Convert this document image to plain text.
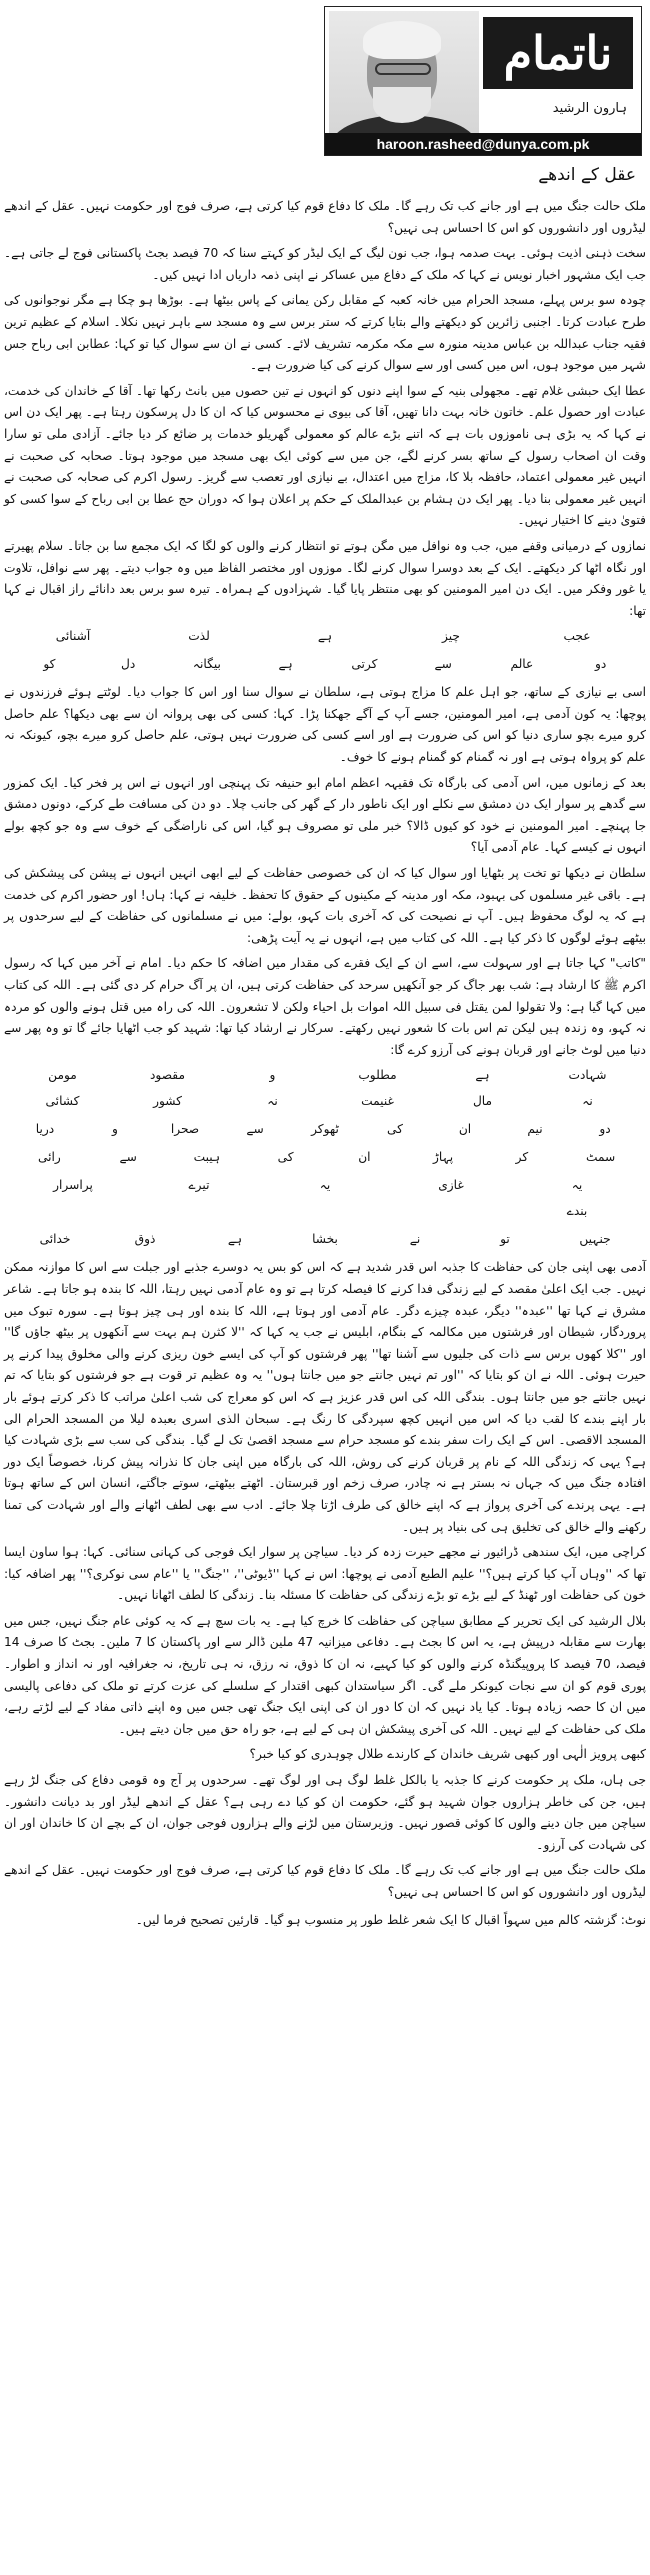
ناتمام
ہارون الرشید
haroon.rasheed@dunya.com.pk
عقل کے اندھے

ملک حالت جنگ میں ہے اور جانے کب تک رہے گا۔ ملک کا دفاع قوم کیا کرتی ہے، صرف فوج اور حکومت نہیں۔ عقل کے اندھے لیڈروں اور دانشوروں کو اس کا احساس ہی نہیں؟

سخت ذہنی اذیت ہوئی۔ بہت صدمہ ہوا، جب نون لیگ کے ایک لیڈر کو کہتے سنا کہ 70 فیصد بجٹ پاکستانی فوج لے جاتی ہے۔ جب ایک مشہور اخبار نویس نے کہا کہ ملک کے دفاع میں عساکر نے اپنی ذمہ داریاں ادا نہیں کیں۔

چودہ سو برس پہلے، مسجد الحرام میں خانہ کعبہ کے مقابل رکن یمانی کے پاس بیٹھا ہے۔ بوڑھا ہو چکا ہے مگر نوجوانوں کی طرح عبادت کرتا۔ اجنبی زائرین کو دیکھتے والے بتایا کرتے کہ ستر برس سے وہ مسجد سے باہر نہیں نکلا۔ اسلام کے عظیم ترین فقیہ جناب عبداللہ بن عباس مدینہ منورہ سے مکہ مکرمہ تشریف لائے۔ کسی نے ان سے سوال کیا تو کہا: عطابن ابی رباح جس شہر میں موجود ہوں، اس میں کسی اور سے سوال کرنے کی کیا ضرورت ہے۔

عطا ایک حبشی غلام تھے۔ مجھولی بنیہ کے سوا اپنے دنوں کو انہوں نے تین حصوں میں بانٹ رکھا تھا۔ آقا کے خاندان کی خدمت، عبادت اور حصول علم۔ خاتون خانہ بہت دانا تھیں، آقا کی بیوی نے محسوس کیا کہ ان کا دل پرسکون رہتا ہے۔ پھر ایک دن اس نے کہا کہ یہ بڑی ہی ناموزوں بات ہے کہ اتنے بڑے عالم کو معمولی گھریلو خدمات پر ضائع کر دیا جائے۔ آزادی ملی تو سارا وقت ان اصحاب رسول کے ساتھ بسر کرنے لگے، جن میں سے کوئی ایک بھی مسجد میں موجود ہوتا۔ صحابہ کی صحبت نے انہیں غیر معمولی اعتماد، حافظہ بلا کا، مزاج میں اعتدال، بے نیازی اور تعصب سے گریز۔ رسول اکرم کی صحابہ کی صحبت نے انہیں غیر معمولی بنا دیا۔ پھر ایک دن ہشام بن عبدالملک کے حکم پر اعلان ہوا کہ دوران حج عطا بن ابی رباح کے سوا کسی کو فتویٰ دینے کا اختیار نہیں۔

نمازوں کے درمیانی وقفے میں، جب وہ نوافل میں مگن ہوتے تو انتظار کرنے والوں کو لگا کہ ایک مجمع سا بن جاتا۔ سلام پھیرتے اور نگاہ اٹھا کر دیکھتے۔ ایک کے بعد دوسرا سوال کرنے لگا۔ موزوں اور مختصر الفاظ میں وہ جواب دیتے۔ پھر سے نوافل، تلاوت یا غور وفکر میں۔ ایک دن امیر المومنین کو بھی منتظر پایا گیا۔ شہزادوں کے ہمراہ۔ تیرہ سو برس بعد دانائے راز اقبال نے کہا تھا:

عجب
چیز
ہے
لذت
آشنائی
دو
عالم
سے
کرتی
ہے
بیگانہ
دل
کو

اسی بے نیازی کے ساتھ، جو اہل علم کا مزاج ہوتی ہے، سلطان نے سوال سنا اور اس کا جواب دیا۔ لوٹتے ہوئے فرزندوں نے پوچھا: یہ کون آدمی ہے، امیر المومنین، جسے آپ کے آگے جھکنا پڑا۔ کہا: کسی کی بھی پروانہ ان سے بھی دیکھا؟ علم حاصل کرو میرے بچو ساری دنیا کو اس کی ضرورت ہے اور اسے کسی کی ضرورت نہیں ہوتی، علم حاصل کرو میرے بچو، کیونکہ نہ علم کو پرواہ ہوتی ہے اور نہ گمنام کو گمنام ہونے کا خوف۔

بعد کے زمانوں میں، اس آدمی کی بارگاہ تک فقیہہ اعظم امام ابو حنیفہ تک پہنچی اور انہوں نے اس پر فخر کیا۔ ایک کمزور سے گدھے پر سوار ایک دن دمشق سے نکلے اور ایک ناطور دار کے گھر کی جانب چلا۔ دو دن کی مسافت طے کرکے، دونوں دمشق جا پہنچے۔ امیر المومنین نے خود کو کیوں ڈالا؟ خبر ملی تو مصروف ہو گیا، اس کی ناراضگی کے خوف سے وہ جو کچھ بولے انہوں نے کیسے کہا۔ عام آدمی آیا؟

سلطان نے دیکھا تو تخت پر بٹھایا اور سوال کیا کہ ان کی خصوصی حفاظت کے لیے ابھی انہیں انہوں نے پیشن کی پیشکش کی ہے۔ باقی غیر مسلموں کی بہبود، مکہ اور مدینہ کے مکینوں کے حقوق کا تحفظ۔ خلیفہ نے کہا: ہاں! اور حضور اکرم کی خدمت ہے کہ یہ لوگ محفوظ ہیں۔ آپ نے نصیحت کی کہ آخری بات کہو، بولے: میں نے مسلمانوں کی حفاظت کے لیے سرحدوں پر بیٹھے ہوئے لوگوں کا ذکر کیا ہے۔ اللہ کی کتاب میں ہے، انہوں نے یہ آیت پڑھی:

"کاتب" کہا جاتا ہے اور سہولت سے، اسے ان کے ایک فقرے کی مقدار میں اضافہ کا حکم دیا۔ امام نے آخر میں کہا کہ رسول اکرم ﷺ کا ارشاد ہے: شب بھر جاگ کر جو آنکھیں سرحد کی حفاظت کرتی ہیں، ان پر آگ حرام کر دی گئی ہے۔ اللہ کی کتاب میں کہا گیا ہے: ولا تقولوا لمن یقتل فی سبیل اللہ اموات بل احیاء ولکن لا تشعرون۔ اللہ کی راہ میں قتل ہونے والوں کو مردہ نہ کہو، وہ زندہ ہیں لیکن تم اس بات کا شعور نہیں رکھتے۔ سرکار نے ارشاد کیا تھا: شہید کو جب اٹھایا جائے گا تو وہ پھر سے دنیا میں لوٹ جانے اور قربان ہونے کی آرزو کرے گا:

شہادت
ہے
مطلوب
و
مقصود
مومن
نہ
مال
غنیمت
نہ
کشور
کشائی
دو
نیم
ان
کی
ٹھوکر
سے
صحرا
و
دریا
سمٹ
کر
پہاڑ
ان
کی
ہیبت
سے
رائی
یہ
غازی
یہ
تیرے
پراسرار
بندے
جنہیں
تو
نے
بخشا
ہے
ذوق
خدائی

آدمی بھی اپنی جان کی حفاظت کا جذبہ اس قدر شدید ہے کہ اس کو بس یہ دوسرے جذبے اور جبلت سے اس کا موازنہ ممکن نہیں۔ جب ایک اعلیٰ مقصد کے لیے زندگی فدا کرنے کا فیصلہ کرتا ہے تو وہ عام آدمی نہیں رہتا، اللہ کا بندہ ہو جاتا ہے۔ شاعر مشرق نے کہا تھا ''عبدہ'' دیگر، عبدہ چیزے دگر۔ عام آدمی اور ہوتا ہے، اللہ کا بندہ اور ہی چیز ہوتا ہے۔ سورہ تبوک میں پروردگار، شیطان اور فرشتوں میں مکالمہ کے بنگام، ابلیس نے جب یہ کہا کہ ''لا کثرن ہم بہت سے آنکھوں پر بیٹھ جاؤں گا'' اور ''کلا کھوں برس سے ذات کی جلیوں سے آشنا تھا'' پھر فرشتوں کو آپ کی ایسے خون ریزی کرنے والی مخلوق پیدا کرنے پر حیرت ہوئی۔ اللہ نے ان کو بتایا کہ ''اور تم نہیں جانتے جو میں جانتا ہوں'' یہ وہ عظیم تر قوت ہے جو فرشتوں کو بتایا کہ تم نہیں جانتے جو میں جانتا ہوں۔ بندگی اللہ کی اس قدر عزیز ہے کہ اس کو معراج کی شب اعلیٰ مراتب کا ذکر کرتے ہوئے بار بار اپنے بندے کا لقب دیا کہ اس میں انہیں کچھ سپردگی کا رنگ ہے۔ سبحان الذی اسری بعبدہ لیلا من المسجد الحرام الی المسجد الاقصی۔ اس کے ایک رات سفر بندے کو مسجد حرام سے مسجد اقصیٰ تک لے گیا۔ بندگی کی سب سے بڑی شہادت کیا ہے؟ یہی کہ زندگی اللہ کے نام پر قربان کرنے کی روش، اللہ کی بارگاہ میں اپنی جان کا نذرانہ پیش کرنا، خصوصاً ایک دور افتادہ جنگ میں کہ جہاں نہ بستر ہے نہ چادر، صرف زخم اور قبرستان۔ اٹھتے بیٹھتے، سوتے جاگتے، انسان اس کے ساتھ ہوتا ہے۔ یہی پرندے کی آخری پرواز ہے کہ اپنے خالق کی طرف اڑتا چلا جائے۔ ادب سے بھی لطف اٹھانے والے اور شہادت کی تمنا رکھنے والے خالق کی تخلیق ہی کی بنیاد پر ہیں۔

کراچی میں، ایک سندھی ڈرائیور نے مجھے حیرت زدہ کر دیا۔ سیاچن پر سوار ایک فوجی کی کہانی سنائی۔ کہا: ہوا ساون ایسا تھا کہ ''وہاں آپ کیا کرتے ہیں؟'' علیم الطبع آدمی نے پوچھا: اس نے کہا ''ڈیوٹی''، ''جنگ'' یا ''عام سی نوکری؟'' پھر اضافہ کیا: خون کی حفاظت اور ٹھنڈ کے لیے بڑے تو بڑے زندگی کی حفاظت کا مسئلہ بنا۔ زندگی کا لطف اٹھانا نہیں۔

بلال الرشید کی ایک تحریر کے مطابق سیاچن کی حفاظت کا خرچ کیا ہے۔ یہ بات سچ ہے کہ یہ کوئی عام جنگ نہیں، جس میں بھارت سے مقابلہ درپیش ہے، یہ اس کا بجٹ ہے۔ دفاعی میزانیہ 47 ملین ڈالر سے اور پاکستان کا 7 ملین۔ بجٹ کا صرف 14 فیصد، 70 فیصد کا پروپیگنڈہ کرنے والوں کو کیا کہیے، نہ ان کا ذوق، نہ رزق، نہ ہی تاریخ، نہ جغرافیہ اور نہ انداز و اطوار۔ پوری قوم کو ان سے نجات کیونکر ملے گی۔ اگر سیاستدان کبھی اقتدار کے سلسلے کی عزت کرتے تو ملک کی دفاعی پالیسی میں ان کا حصہ زیادہ ہوتا۔ کیا یاد نہیں کہ ان کا دور ان کی اپنی ایک جنگ تھی جس میں وہ اپنے ذاتی مفاد کے لیے لڑتے رہے، ملک کی حفاظت کے لیے نہیں۔ اللہ کی آخری پیشکش ان ہی کے لیے ہے، جو راہ حق میں جان دیتے ہیں۔

کبھی پرویز الٰہی اور کبھی شریف خاندان کے کارندے طلال چوہدری کو کیا خبر؟

جی ہاں، ملک پر حکومت کرنے کا جذبہ یا بالکل غلط لوگ ہی اور لوگ تھے۔ سرحدوں پر آج وہ قومی دفاع کی جنگ لڑ رہے ہیں، جن کی خاطر ہزاروں جوان شہید ہو گئے، حکومت ان کو کیا دے رہی ہے؟ عقل کے اندھے لیڈر اور بد دیانت دانشور۔ سیاچن میں جان دینے والوں کا کوئی قصور نہیں۔ وزیرستان میں لڑنے والے ہزاروں فوجی جوان، ان کے بچے ان کا خاندان اور ان کی شہادت کی آرزو۔

ملک حالت جنگ میں ہے اور جانے کب تک رہے گا۔ ملک کا دفاع قوم کیا کرتی ہے، صرف فوج اور حکومت نہیں۔ عقل کے اندھے لیڈروں اور دانشوروں کو اس کا احساس ہی نہیں؟

نوٹ: گزشتہ کالم میں سہواً اقبال کا ایک شعر غلط طور پر منسوب ہو گیا۔ قارئین تصحیح فرما لیں۔
